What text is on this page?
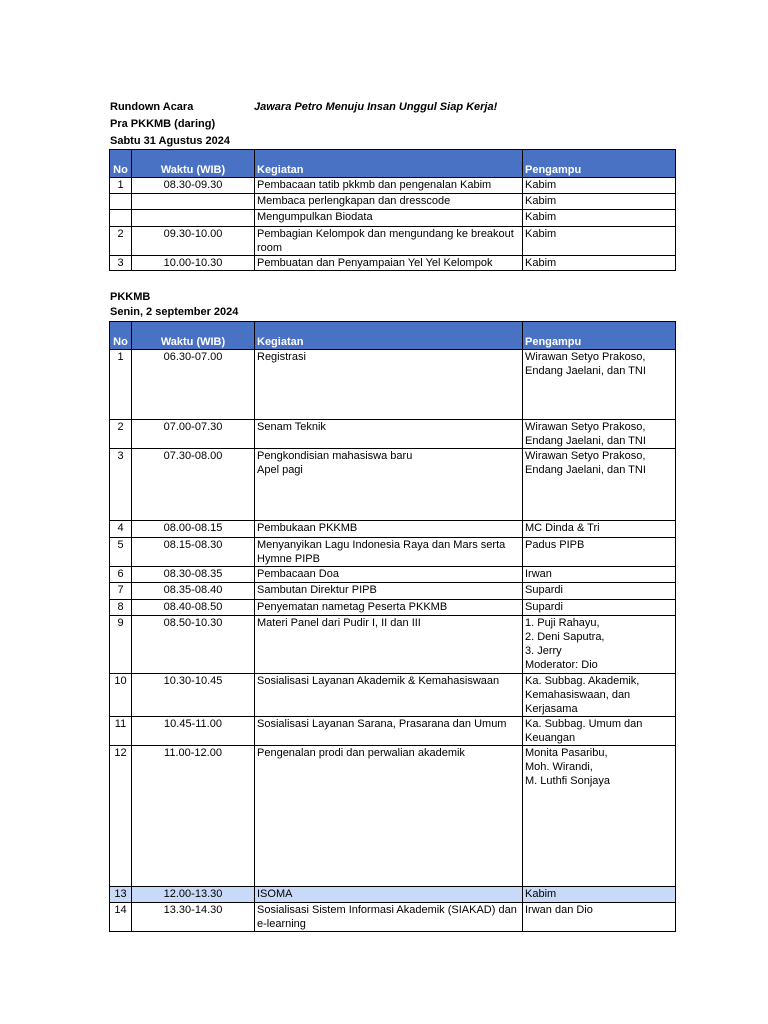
Rundown Acara	Jawara Petro Menuju Insan Unggul Siap Kerja!
Pra PKKMB (daring)
Sabtu 31 Agustus 2024
No	Waktu (WIB)	Kegiatan	Pengampu
1	08.30-09.30	Pembacaan tatib pkkmb dan pengenalan Kabim	Kabim

		Membaca perlengkapan dan dresscode	Kabim

		Mengumpulkan Biodata	Kabim

2	09.30-10.00	Pembagian Kelompok dan mengundang ke breakout
room	Kabim

3	10.00-10.30	Pembuatan dan Penyampaian Yel Yel Kelompok	Kabim
PKKMB
Senin, 2 september 2024
No	Waktu (WIB)	Kegiatan	Pengampu
1	06.30-07.00	Registrasi	Wirawan Setyo Prakoso,
Endang Jaelani, dan TNI

2	07.00-07.30	Senam Teknik	Wirawan Setyo Prakoso,
Endang Jaelani, dan TNI

3	07.30-08.00	Pengkondisian mahasiswa baru
Apel pagi	Wirawan Setyo Prakoso,
Endang Jaelani, dan TNI

4	08.00-08.15	Pembukaan PKKMB	MC Dinda & Tri

5	08.15-08.30	Menyanyikan Lagu Indonesia Raya dan Mars serta
Hymne PIPB	Padus PIPB

6	08.30-08.35	Pembacaan Doa	Irwan

7	08.35-08.40	Sambutan Direktur PIPB	Supardi

8	08.40-08.50	Penyematan nametag Peserta PKKMB	Supardi

9	08.50-10.30	Materi Panel dari Pudir I, II dan III	1. Puji Rahayu,
2. Deni Saputra,
3. Jerry
Moderator: Dio

10	10.30-10.45	Sosialisasi Layanan Akademik & Kemahasiswaan	Ka. Subbag. Akademik,
Kemahasiswaan, dan
Kerjasama

11	10.45-11.00	Sosialisasi Layanan Sarana, Prasarana dan Umum	Ka. Subbag. Umum dan
Keuangan

12	11.00-12.00	Pengenalan prodi dan perwalian akademik	Monita Pasaribu,
Moh. Wirandi,
M. Luthfi Sonjaya

13	12.00-13.30	ISOMA	Kabim

14	13.30-14.30	Sosialisasi Sistem Informasi Akademik (SIAKAD) dan
e-learning	Irwan dan Dio
